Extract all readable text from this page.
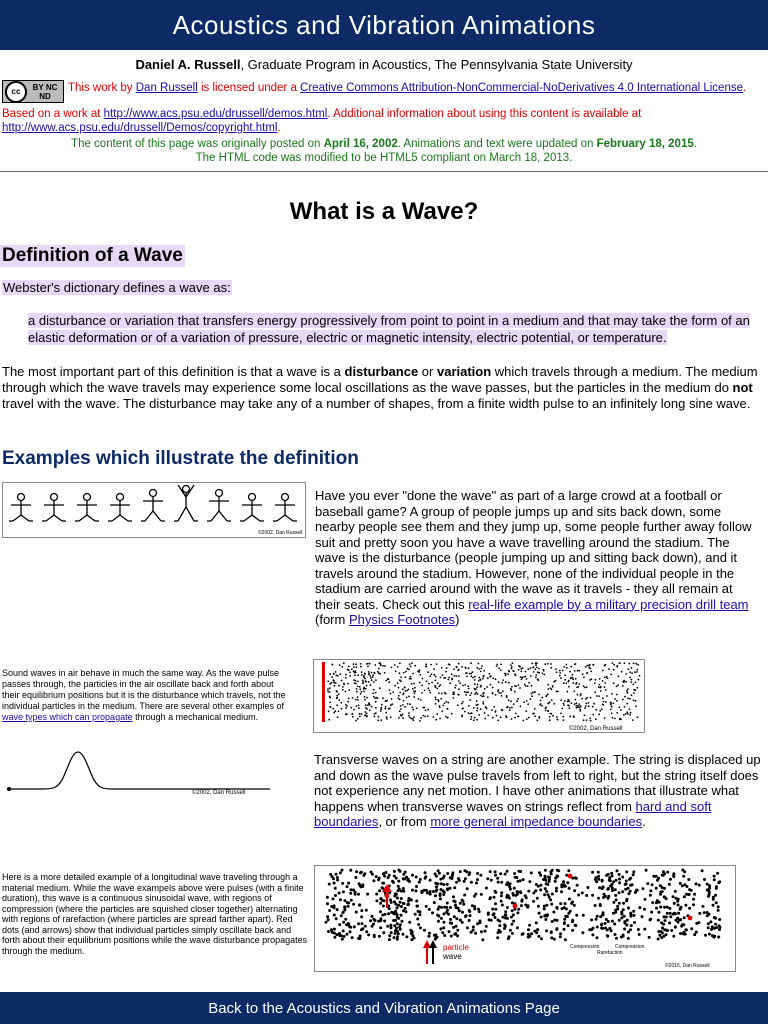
Acoustics and Vibration Animations
Daniel A. Russell, Graduate Program in Acoustics, The Pennsylvania State University
cc	BY NC ND
This work by Dan Russell is licensed under a Creative Commons Attribution-NonCommercial-NoDerivatives 4.0 International License.
Based on a work at http://www.acs.psu.edu/drussell/demos.html. Additional information about using this content is available at http://www.acs.psu.edu/drussell/Demos/copyright.html.
The content of this page was originally posted on April 16, 2002. Animations and text were updated on February 18, 2015.
The HTML code was modified to be HTML5 compliant on March 18, 2013.
What is a Wave?
Definition of a Wave
Webster's dictionary defines a wave as:
a disturbance or variation that transfers energy progressively from point to point in a medium and that may take the form of an elastic deformation or of a variation of pressure, electric or magnetic intensity, electric potential, or temperature.
The most important part of this definition is that a wave is a disturbance or variation which travels through a medium. The medium through which the wave travels may experience some local oscillations as the wave passes, but the particles in the medium do not travel with the wave. The disturbance may take any of a number of shapes, from a finite width pulse to an infinitely long sine wave.
Examples which illustrate the definition
©2002, Dan Russell
Have you ever "done the wave" as part of a large crowd at a football or baseball game? A group of people jumps up and sits back down, some nearby people see them and they jump up, some people further away follow suit and pretty soon you have a wave travelling around the stadium. The wave is the disturbance (people jumping up and sitting back down), and it travels around the stadium. However, none of the individual people in the stadium are carried around with the wave as it travels - they all remain at their seats. Check out this real-life example by a military precision drill team (form Physics Footnotes)
Sound waves in air behave in much the same way. As the wave pulse passes through, the particles in the air oscillate back and forth about their equilibrium positions but it is the disturbance which travels, not the individual particles in the medium. There are several other examples of wave types which can propagate through a mechanical medium.
©2002, Dan Russell
©2002, Dan Russell
Transverse waves on a string are another example. The string is displaced up and down as the wave pulse travels from left to right, but the string itself does not experience any net motion. I have other animations that illustrate what happens when transverse waves on strings reflect from hard and soft boundaries, or from more general impedance boundaries.
Here is a more detailed example of a longitudinal wave traveling through a material medium. While the wave exampels above were pulses (with a finite duration), this wave is a continuous sinusoidal wave, with regions of compression (where the particles are squished closer together) alternating with regions of rarefaction (where particles are spread farther apart). Red dots (and arrows) show that individual particles simply oscillate back and forth about their equilibrium positions while the wave disturbance propagates through the medium.	particle
wave
Compression	Compression
Rarefaction
©2015, Dan Russell
Back to the Acoustics and Vibration Animations Page
